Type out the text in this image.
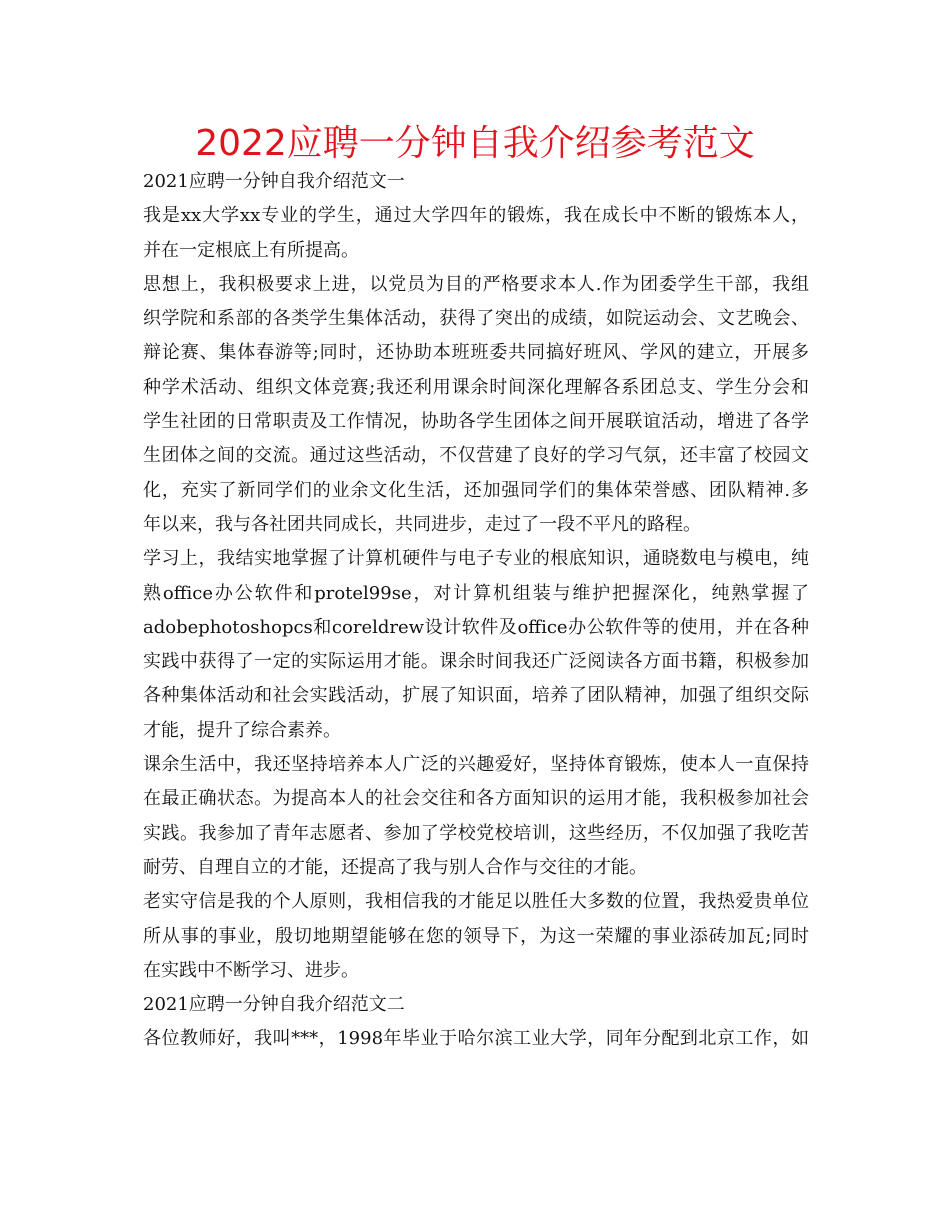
2022应聘一分钟自我介绍参考范文
2021应聘一分钟自我介绍范文一
我是xx大学xx专业的学生，通过大学四年的锻炼，我在成长中不断的锻炼本人，
并在一定根底上有所提高。
思想上，我积极要求上进，以党员为目的严格要求本人.作为团委学生干部，我组
织学院和系部的各类学生集体活动，获得了突出的成绩，如院运动会、文艺晚会、
辩论赛、集体春游等;同时，还协助本班班委共同搞好班风、学风的建立，开展多
种学术活动、组织文体竞赛;我还利用课余时间深化理解各系团总支、学生分会和
学生社团的日常职责及工作情况，协助各学生团体之间开展联谊活动，增进了各学
生团体之间的交流。通过这些活动，不仅营建了良好的学习气氛，还丰富了校园文
化，充实了新同学们的业余文化生活，还加强同学们的集体荣誉感、团队精神.多
年以来，我与各社团共同成长，共同进步，走过了一段不平凡的路程。
学习上，我结实地掌握了计算机硬件与电子专业的根底知识，通晓数电与模电，纯
熟office办公软件和protel99se，对计算机组装与维护把握深化，纯熟掌握了
adobephotoshopcs和coreldrew设计软件及office办公软件等的使用，并在各种
实践中获得了一定的实际运用才能。课余时间我还广泛阅读各方面书籍，积极参加
各种集体活动和社会实践活动，扩展了知识面，培养了团队精神，加强了组织交际
才能，提升了综合素养。
课余生活中，我还坚持培养本人广泛的兴趣爱好，坚持体育锻炼，使本人一直保持
在最正确状态。为提高本人的社会交往和各方面知识的运用才能，我积极参加社会
实践。我参加了青年志愿者、参加了学校党校培训，这些经历，不仅加强了我吃苦
耐劳、自理自立的才能，还提高了我与别人合作与交往的才能。
老实守信是我的个人原则，我相信我的才能足以胜任大多数的位置，我热爱贵单位
所从事的事业，殷切地期望能够在您的领导下，为这一荣耀的事业添砖加瓦;同时
在实践中不断学习、进步。
2021应聘一分钟自我介绍范文二
各位教师好，我叫***，1998年毕业于哈尔滨工业大学，同年分配到北京工作，如
